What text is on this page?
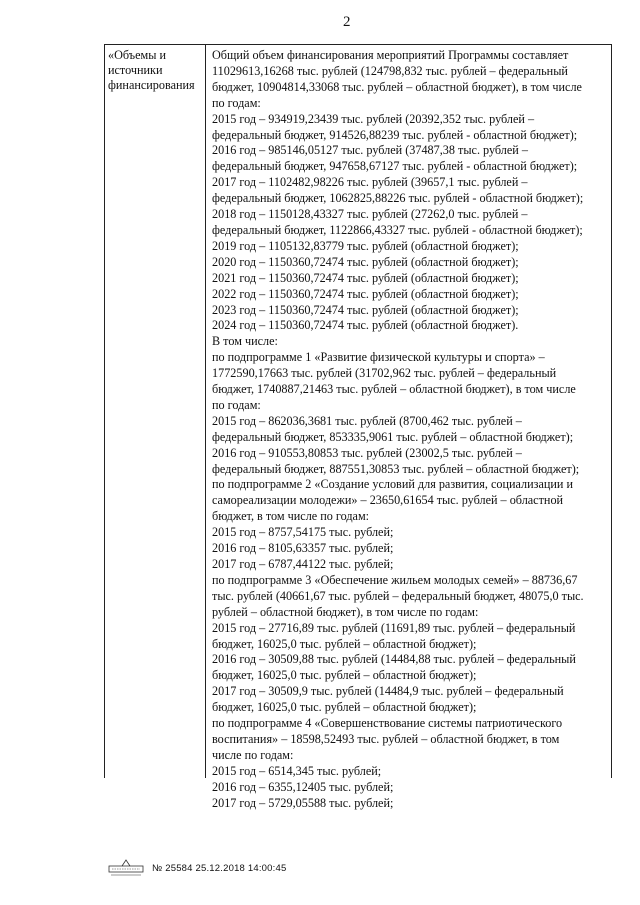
2
«Объемы и
источники
финансирования
Общий объем финансирования мероприятий Программы составляет
11029613,16268 тыс. рублей (124798,832 тыс. рублей – федеральный
бюджет, 10904814,33068 тыс. рублей – областной бюджет), в том числе
по годам:
2015 год – 934919,23439 тыс. рублей (20392,352 тыс. рублей –
федеральный бюджет, 914526,88239 тыс. рублей - областной бюджет);
2016 год – 985146,05127 тыс. рублей (37487,38 тыс. рублей –
федеральный бюджет, 947658,67127 тыс. рублей - областной бюджет);
2017 год – 1102482,98226 тыс. рублей (39657,1 тыс. рублей –
федеральный бюджет, 1062825,88226 тыс. рублей - областной бюджет);
2018 год – 1150128,43327 тыс. рублей (27262,0 тыс. рублей –
федеральный бюджет, 1122866,43327 тыс. рублей - областной бюджет);
2019 год – 1105132,83779 тыс. рублей (областной бюджет);
2020 год – 1150360,72474 тыс. рублей (областной бюджет);
2021 год – 1150360,72474 тыс. рублей (областной бюджет);
2022 год – 1150360,72474 тыс. рублей (областной бюджет);
2023 год – 1150360,72474 тыс. рублей (областной бюджет);
2024 год – 1150360,72474 тыс. рублей (областной бюджет).
В том числе:
по подпрограмме 1 «Развитие физической культуры и спорта» –
1772590,17663 тыс. рублей (31702,962 тыс. рублей – федеральный
бюджет, 1740887,21463 тыс. рублей – областной бюджет), в том числе
по годам:
2015 год – 862036,3681 тыс. рублей (8700,462 тыс. рублей –
федеральный бюджет, 853335,9061 тыс. рублей – областной бюджет);
2016 год – 910553,80853 тыс. рублей (23002,5 тыс. рублей –
федеральный бюджет, 887551,30853 тыс. рублей – областной бюджет);
по подпрограмме 2 «Создание условий для развития, социализации и
самореализации молодежи» – 23650,61654 тыс. рублей – областной
бюджет, в том числе по годам:
2015 год – 8757,54175 тыс. рублей;
2016 год – 8105,63357 тыс. рублей;
2017 год – 6787,44122 тыс. рублей;
по подпрограмме 3 «Обеспечение жильем молодых семей» – 88736,67
тыс. рублей (40661,67 тыс. рублей – федеральный бюджет, 48075,0 тыс.
рублей – областной бюджет), в том числе по годам:
2015 год – 27716,89 тыс. рублей (11691,89 тыс. рублей – федеральный
бюджет, 16025,0 тыс. рублей – областной бюджет);
2016 год – 30509,88 тыс. рублей (14484,88 тыс. рублей – федеральный
бюджет, 16025,0 тыс. рублей – областной бюджет);
2017 год – 30509,9 тыс. рублей (14484,9 тыс. рублей – федеральный
бюджет, 16025,0 тыс. рублей – областной бюджет);
по подпрограмме 4 «Совершенствование системы патриотического
воспитания» – 18598,52493 тыс. рублей – областной бюджет, в том
числе по годам:
2015 год – 6514,345 тыс. рублей;
2016 год – 6355,12405 тыс. рублей;
2017 год – 5729,05588 тыс. рублей;
№ 25584 25.12.2018 14:00:45
